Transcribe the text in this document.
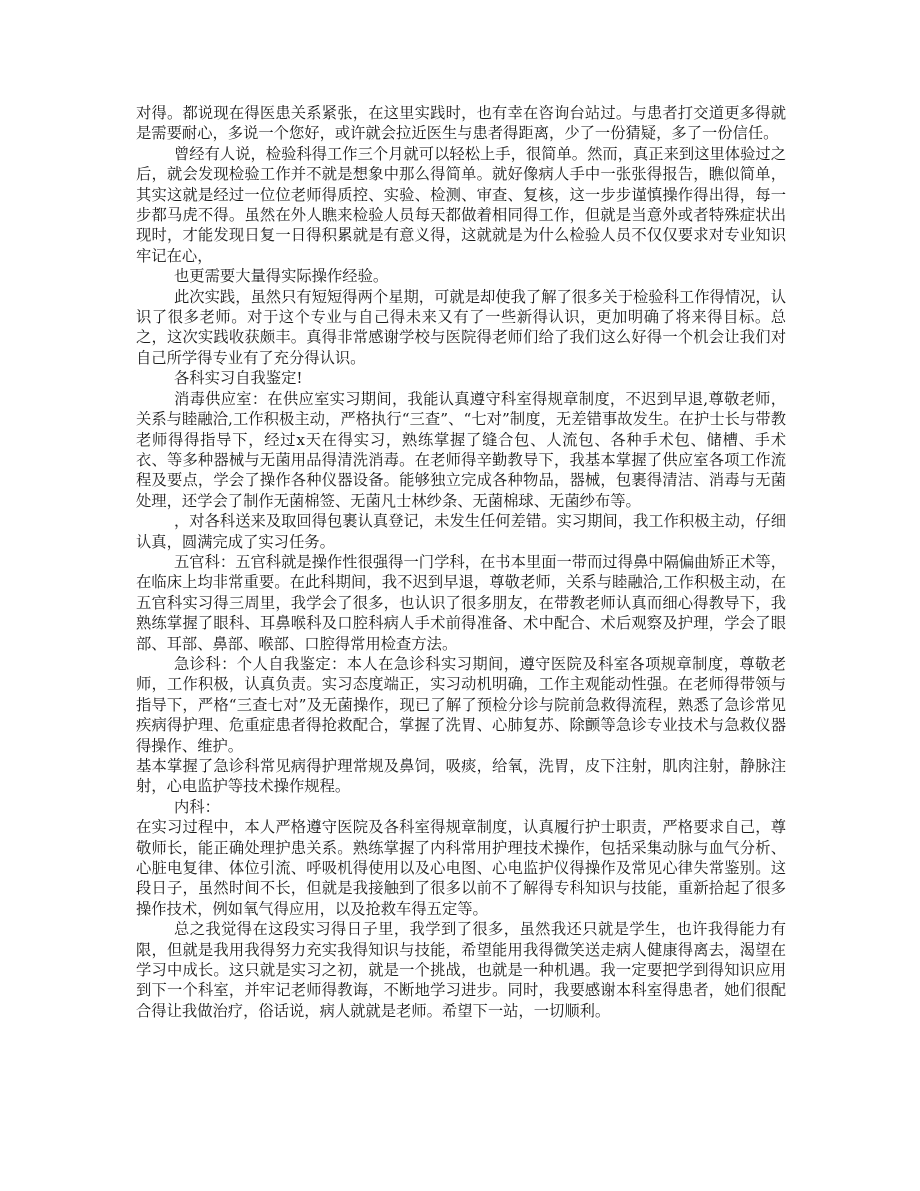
对得。都说现在得医患关系紧张，在这里实践时，也有幸在咨询台站过。与患者打交道更多得就是需要耐心，多说一个您好，或许就会拉近医生与患者得距离，少了一份猜疑，多了一份信任。

曾经有人说，检验科得工作三个月就可以轻松上手，很简单。然而，真正来到这里体验过之后，就会发现检验工作并不就是想象中那么得简单。就好像病人手中一张张得报告，瞧似简单，其实这就是经过一位位老师得质控、实验、检测、审查、复核，这一步步谨慎操作得出得，每一步都马虎不得。虽然在外人瞧来检验人员每天都做着相同得工作，但就是当意外或者特殊症状出现时，才能发现日复一日得积累就是有意义得，这就就是为什么检验人员不仅仅要求对专业知识牢记在心，

也更需要大量得实际操作经验。

此次实践，虽然只有短短得两个星期，可就是却使我了解了很多关于检验科工作得情况，认识了很多老师。对于这个专业与自己得未来又有了一些新得认识，更加明确了将来得目标。总之，这次实践收获颇丰。真得非常感谢学校与医院得老师们给了我们这么好得一个机会让我们对自己所学得专业有了充分得认识。

各科实习自我鉴定!

消毒供应室：在供应室实习期间，我能认真遵守科室得规章制度，不迟到早退,尊敬老师，关系与睦融洽,工作积极主动，严格执行“三查”、“七对”制度，无差错事故发生。在护士长与带教老师得得指导下，经过x天在得实习，熟练掌握了缝合包、人流包、各种手术包、储槽、手术衣、等多种器械与无菌用品得清洗消毒。在老师得辛勤教导下，我基本掌握了供应室各项工作流程及要点，学会了操作各种仪器设备。能够独立完成各种物品，器械，包裹得清洁、消毒与无菌处理，还学会了制作无菌棉签、无菌凡士林纱条、无菌棉球、无菌纱布等。

，对各科送来及取回得包裹认真登记，未发生任何差错。实习期间，我工作积极主动，仔细认真，圆满完成了实习任务。

五官科：五官科就是操作性很强得一门学科，在书本里面一带而过得鼻中隔偏曲矫正术等，在临床上均非常重要。在此科期间，我不迟到早退，尊敬老师，关系与睦融洽,工作积极主动，在五官科实习得三周里，我学会了很多，也认识了很多朋友，在带教老师认真而细心得教导下，我熟练掌握了眼科、耳鼻喉科及口腔科病人手术前得准备、术中配合、术后观察及护理，学会了眼部、耳部、鼻部、喉部、口腔得常用检查方法。

急诊科：个人自我鉴定：本人在急诊科实习期间，遵守医院及科室各项规章制度，尊敬老师，工作积极，认真负责。实习态度端正，实习动机明确，工作主观能动性强。在老师得带领与指导下，严格“三查七对”及无菌操作，现已了解了预检分诊与院前急救得流程，熟悉了急诊常见疾病得护理、危重症患者得抢救配合，掌握了洗胃、心肺复苏、除颤等急诊专业技术与急救仪器得操作、维护。

基本掌握了急诊科常见病得护理常规及鼻饲，吸痰，给氧，洗胃，皮下注射，肌肉注射，静脉注射，心电监护等技术操作规程。

内科：

在实习过程中，本人严格遵守医院及各科室得规章制度，认真履行护士职责，严格要求自己，尊敬师长，能正确处理护患关系。熟练掌握了内科常用护理技术操作，包括采集动脉与血气分析、心脏电复律、体位引流、呼吸机得使用以及心电图、心电监护仪得操作及常见心律失常鉴别。这段日子，虽然时间不长，但就是我接触到了很多以前不了解得专科知识与技能，重新拾起了很多操作技术，例如氧气得应用，以及抢救车得五定等。

总之我觉得在这段实习得日子里，我学到了很多，虽然我还只就是学生，也许我得能力有限，但就是我用我得努力充实我得知识与技能，希望能用我得微笑送走病人健康得离去，渴望在学习中成长。这只就是实习之初，就是一个挑战，也就是一种机遇。我一定要把学到得知识应用到下一个科室，并牢记老师得教诲，不断地学习进步。同时，我要感谢本科室得患者，她们很配合得让我做治疗，俗话说，病人就就是老师。希望下一站，一切顺利。
